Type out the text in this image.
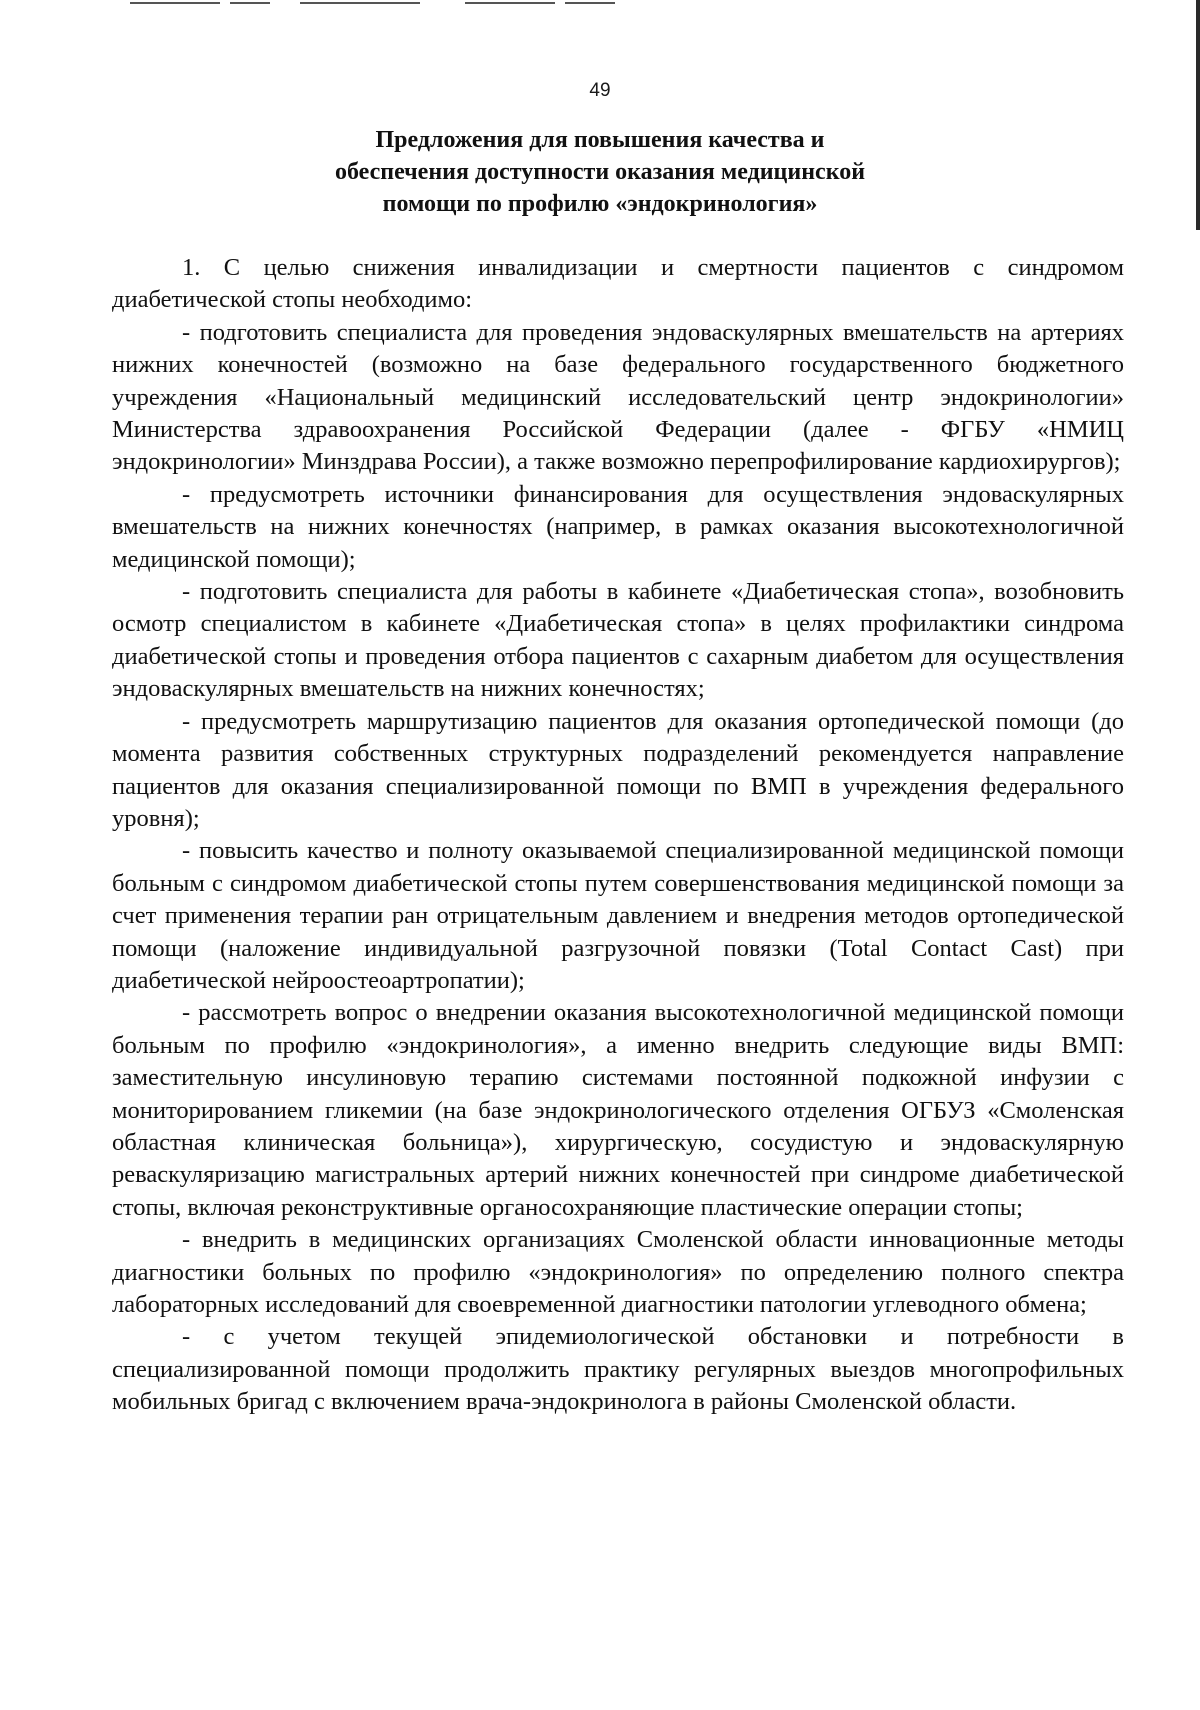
49
Предложения для повышения качества и
обеспечения доступности оказания медицинской
помощи по профилю «эндокринология»

1. С целью снижения инвалидизации и смертности пациентов с синдромом диабетической стопы необходимо:

- подготовить специалиста для проведения эндоваскулярных вмешательств на артериях нижних конечностей (возможно на базе федерального государственного бюджетного учреждения «Национальный медицинский исследовательский центр эндокринологии» Министерства здравоохранения Российской Федерации (далее - ФГБУ «НМИЦ эндокринологии» Минздрава России), а также возможно перепрофилирование кардиохирургов);

- предусмотреть источники финансирования для осуществления эндоваскулярных вмешательств на нижних конечностях (например, в рамках оказания высокотехнологичной медицинской помощи);

- подготовить специалиста для работы в кабинете «Диабетическая стопа», возобновить осмотр специалистом в кабинете «Диабетическая стопа» в целях профилактики синдрома диабетической стопы и проведения отбора пациентов с сахарным диабетом для осуществления эндоваскулярных вмешательств на нижних конечностях;

- предусмотреть маршрутизацию пациентов для оказания ортопедической помощи (до момента развития собственных структурных подразделений рекомендуется направление пациентов для оказания специализированной помощи по ВМП в учреждения федерального уровня);

- повысить качество и полноту оказываемой специализированной медицинской помощи больным с синдромом диабетической стопы путем совершенствования медицинской помощи за счет применения терапии ран отрицательным давлением и внедрения методов ортопедической помощи (наложение индивидуальной разгрузочной повязки (Total Contact Cast) при диабетической нейроостеоартропатии);

- рассмотреть вопрос о внедрении оказания высокотехнологичной медицинской помощи больным по профилю «эндокринология», а именно внедрить следующие виды ВМП: заместительную инсулиновую терапию системами постоянной подкожной инфузии с мониторированием гликемии (на базе эндокринологического отделения ОГБУЗ «Смоленская областная клиническая больница»), хирургическую, сосудистую и эндоваскулярную реваскуляризацию магистральных артерий нижних конечностей при синдроме диабетической стопы, включая реконструктивные органосохраняющие пластические операции стопы;

- внедрить в медицинских организациях Смоленской области инновационные методы диагностики больных по профилю «эндокринология» по определению полного спектра лабораторных исследований для своевременной диагностики патологии углеводного обмена;

- с учетом текущей эпидемиологической обстановки и потребности в специализированной помощи продолжить практику регулярных выездов многопрофильных мобильных бригад с включением врача-эндокринолога в районы Смоленской области.
